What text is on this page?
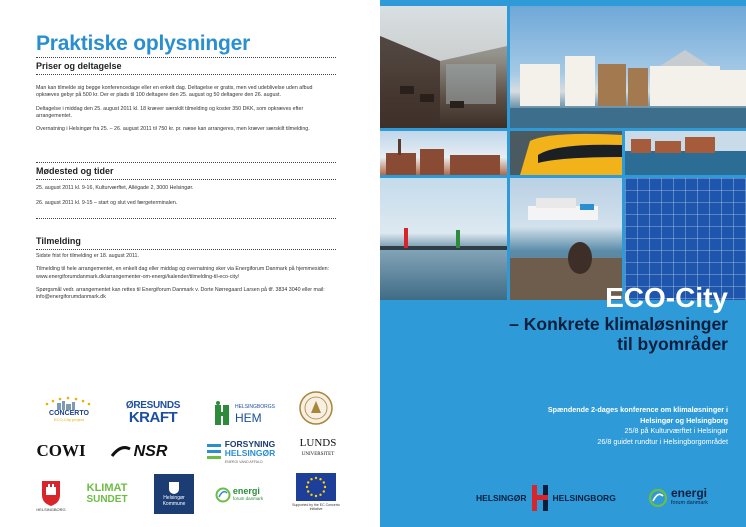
Praktiske oplysninger
Priser og deltagelse
Man kan tilmelde sig begge konferencedage eller en enkelt dag. Deltagelse er gratis, men ved udeblivelse uden afbud opkræves gebyr på 500 kr. Der er plads til 100 deltagere den 25. august og 50 deltagere den 26. august.
Deltagelse i middag den 25. august 2011 kl. 18 kræver særskilt tilmelding og koster 350 DKK, som opkræves efter arrangementet.
Overnatning i Helsingør fra 25. – 26. august 2011 til 750 kr. pr. næse kan arrangeres, men kræver særskilt tilmelding.
Mødested og tider
25. august 2011 kl. 9-16, Kulturværftet, Allégade 2, 3000 Helsingør.
26. august 2011 kl. 9-15 – start og slut ved færgeterminalen.
Tilmelding
Sidste frist for tilmelding er 18. august 2011.
Tilmelding til hele arrangementet, en enkelt dag eller middag og overnatning sker via Energiforum Danmark på hjemmesiden: www.energiforumdanmark.dk/arrangementer-om-energi/kalender/tilmelding-til-eco-city/
Spørgsmål vedr. arrangementet kan rettes til Energiforum Danmark v. Dorte Nørregaard Larsen på tlf. 3834 3040 eller mail: info@energiforumdanmark.dk
CONCERTO
ECO-City project
ØRESUNDS
KRAFT
HELSINGBORGS
HEM
COWI	NSR	FORSYNING
HELSINGØR
ENERGI VAND AFFALD
LUNDS
UNIVERSITET
HELSINGBORG
KLIMAT
SUNDET	Helsingør
Kommune
energi
forum danmark
Supported by the EC Concerto Initiative
ECO-City
– Konkrete klimaløsninger
til byområder
Spændende 2-dages konference om klimaløsninger i
Helsingør og Helsingborg
25/8 på Kulturværftet i Helsingør
26/8 guidet rundtur i Helsingborgområdet
HELSINGØR	HELSINGBORG	energi
forum danmark
